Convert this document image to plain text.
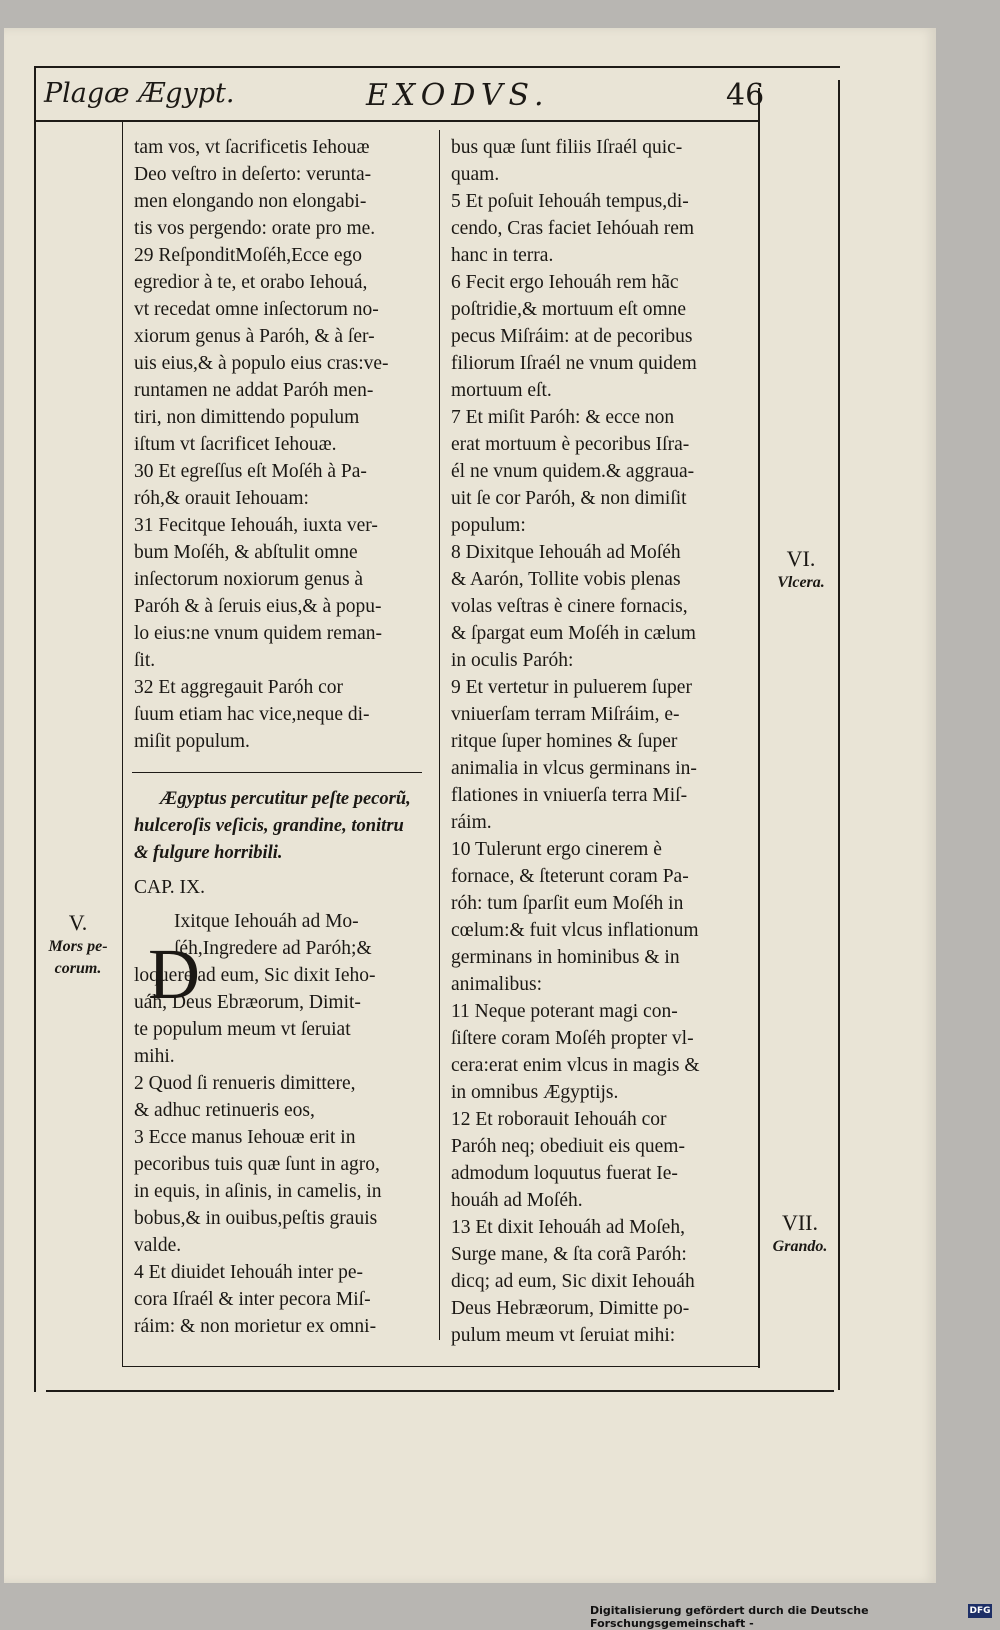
Plagæ Ægypt.	EXODVS.	46
tam vos, vt ſacrificetis Iehouæ
Deo veſtro in deſerto: veruntа-
men elongando non elongabi-
tis vos pergendo: orate pro me.
29 ReſponditMoſéh,Ecce ego
egredior à te, et orabo Iehouá,
vt recedat omne inſectorum no-
xiorum genus à Paróh, & à ſer-
uis eius,& à populo eius cras:ve-
runtamen ne addat Paróh men-
tiri, non dimittendo populum
iſtum vt ſacrificet Iehouæ.
30 Et egreſſus eſt Moſéh à Pa-
róh,& orauit Iehouam:
31 Fecitque Iehouáh, iuxta ver-
bum Moſéh, & abſtulit omne
inſectorum noxiorum genus à
Paróh & à ſeruis eius,& à popu-
lo eius:ne vnum quidem reman-
ſit.
32 Et aggregauit Paróh cor
ſuum etiam hac vice,neque di-
miſit populum.
Ægyptus percutitur peſte pecorũ,
hulceroſis veſicis, grandine, tonitru
& fulgure horribili.
CAP. IX.
D
Ixitque Iehouáh ad Mo-
ſéh,Ingredere ad Paróh;&
loquere ad eum, Sic dixit Ieho-
uáh, Deus Ebræorum, Dimit-
te populum meum vt ſeruiat
mihi.
2 Quod ſi renueris dimittere,
& adhuc retinueris eos,
3 Ecce manus Iehouæ erit in
pecoribus tuis quæ ſunt in agro,
in equis, in aſinis, in camelis, in
bobus,& in ouibus,peſtis grauis
valde.
4 Et diuidet Iehouáh inter pe-
cora Iſraél & inter pecora Miſ-
ráim: & non morietur ex omni-
bus quæ ſunt filiis Iſraél quic-
quam.
5 Et poſuit Iehouáh tempus,di-
cendo, Cras faciet Iehóuah rem
hanc in terra.
6 Fecit ergo Iehouáh rem hãc
poſtridie,& mortuum eſt omne
pecus Miſráim: at de pecoribus
filiorum Iſraél ne vnum quidem
mortuum eſt.
7 Et miſit Paróh: & ecce non
erat mortuum è pecoribus Iſra-
él ne vnum quidem.& aggraua-
uit ſe cor Paróh, & non dimiſit
populum:
8 Dixitque Iehouáh ad Moſéh
& Aarón, Tollite vobis plenas
volas veſtras è cinere fornacis,
& ſpargat eum Moſéh in cælum
in oculis Paróh:
9 Et vertetur in puluerem ſuper
vniuerſam terram Miſráim, e-
ritque ſuper homines & ſuper
animalia in vlcus germinans in-
flationes in vniuerſa terra Miſ-
ráim.
10 Tulerunt ergo cinerem è
fornace, & ſteterunt coram Pa-
róh: tum ſparſit eum Moſéh in
cœlum:& fuit vlcus inflationum
germinans in hominibus & in
animalibus:
11 Neque poterant magi con-
ſiſtere coram Moſéh propter vl-
cera:erat enim vlcus in magis &
in omnibus Ægyptijs.
12 Et roborauit Iehouáh cor
Paróh neq; obediuit eis quem-
admodum loquutus fuerat Ie-
houáh ad Moſéh.
13 Et dixit Iehouáh ad Moſeh,
Surge mane, & ſta corã Paróh:
dicq; ad eum, Sic dixit Iehouáh
Deus Hebræorum, Dimitte po-
pulum meum vt ſeruiat mihi:
V.
Mors pe-corum.
VI.
Vlcera.
VII.
Grando.
Digitalisierung gefördert durch die Deutsche Forschungsgemeinschaft -
DFG
